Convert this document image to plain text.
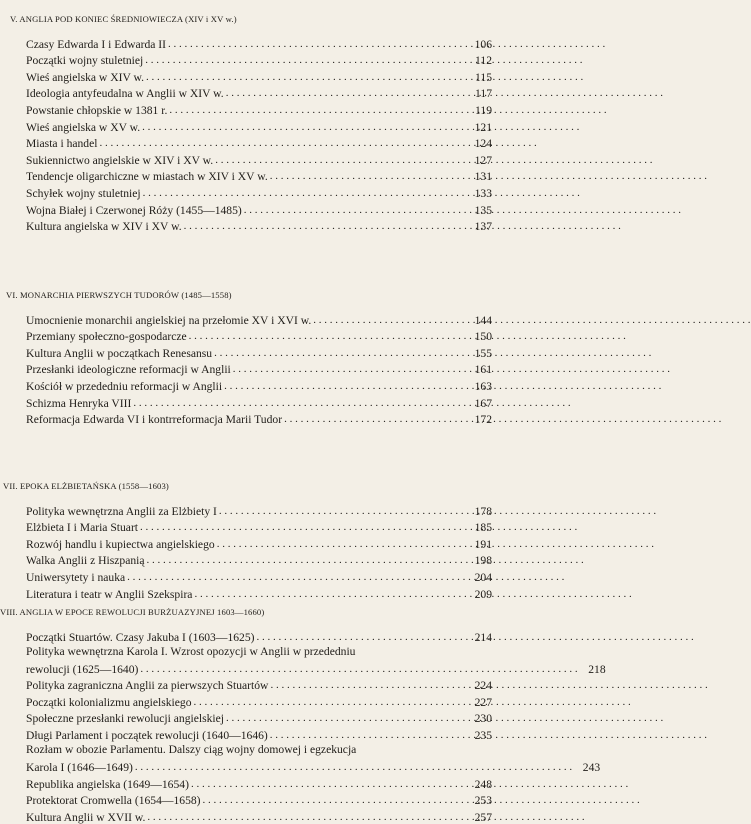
V. ANGLIA POD KONIEC ŚREDNIOWIECZA (XIV i XV w.)
Czasy Edwarda I i Edwarda II . . .	106
Początki wojny stuletniej . . .	112
Wieś angielska w XIV w. . . .	115
Ideologia antyfeudalna w Anglii w XIV w. . . .	117
Powstanie chłopskie w 1381 r. . . .	119
Wieś angielska w XV w. . . .	121
Miasta i handel . . .	124
Sukiennictwo angielskie w XIV i XV w. . . .	127
Tendencje oligarchiczne w miastach w XIV i XV w. . . .	131
Schyłek wojny stuletniej . . .	133
Wojna Białej i Czerwonej Róży (1455—1485) . . .	135
Kultura angielska w XIV i XV w. . . .	137
VI. MONARCHIA PIERWSZYCH TUDORÓW (1485—1558)
Umocnienie monarchii angielskiej na przełomie XV i XVI w. . . .	144
Przemiany społeczno-gospodarcze . . .	150
Kultura Anglii w początkach Renesansu . . .	155
Przesłanki ideologiczne reformacji w Anglii . . .	161
Kościół w przededniu reformacji w Anglii . . .	163
Schizma Henryka VIII . . .	167
Reformacja Edwarda VI i kontrreformacja Marii Tudor . . .	172
VII. EPOKA ELŻBIETAŃSKA (1558—1603)
Polityka wewnętrzna Anglii za Elżbiety I . . .	178
Elżbieta I i Maria Stuart . . .	185
Rozwój handlu i kupiectwa angielskiego . . .	191
Walka Anglii z Hiszpanią . . .	198
Uniwersytety i nauka . . .	204
Literatura i teatr w Anglii Szekspira . . .	209
VIII. ANGLIA W EPOCE REWOLUCJI BURŻUAZYJNEJ 1603—1660)
Początki Stuartów. Czasy Jakuba I (1603—1625) . . .	214
Polityka wewnętrzna Karola I. Wzrost opozycji w Anglii w przededniu
rewolucji (1625—1640) . . .	218
Polityka zagraniczna Anglii za pierwszych Stuartów . . .	224
Początki kolonializmu angielskiego . . .	227
Społeczne przesłanki rewolucji angielskiej . . .	230
Długi Parlament i początek rewolucji (1640—1646) . . .	235
Rozłam w obozie Parlamentu. Dalszy ciąg wojny domowej i egzekucja
Karola I (1646—1649) . . .	243
Republika angielska (1649—1654) . . .	248
Protektorat Cromwella (1654—1658) . . .	253
Kultura Anglii w XVII w. . . .	257
